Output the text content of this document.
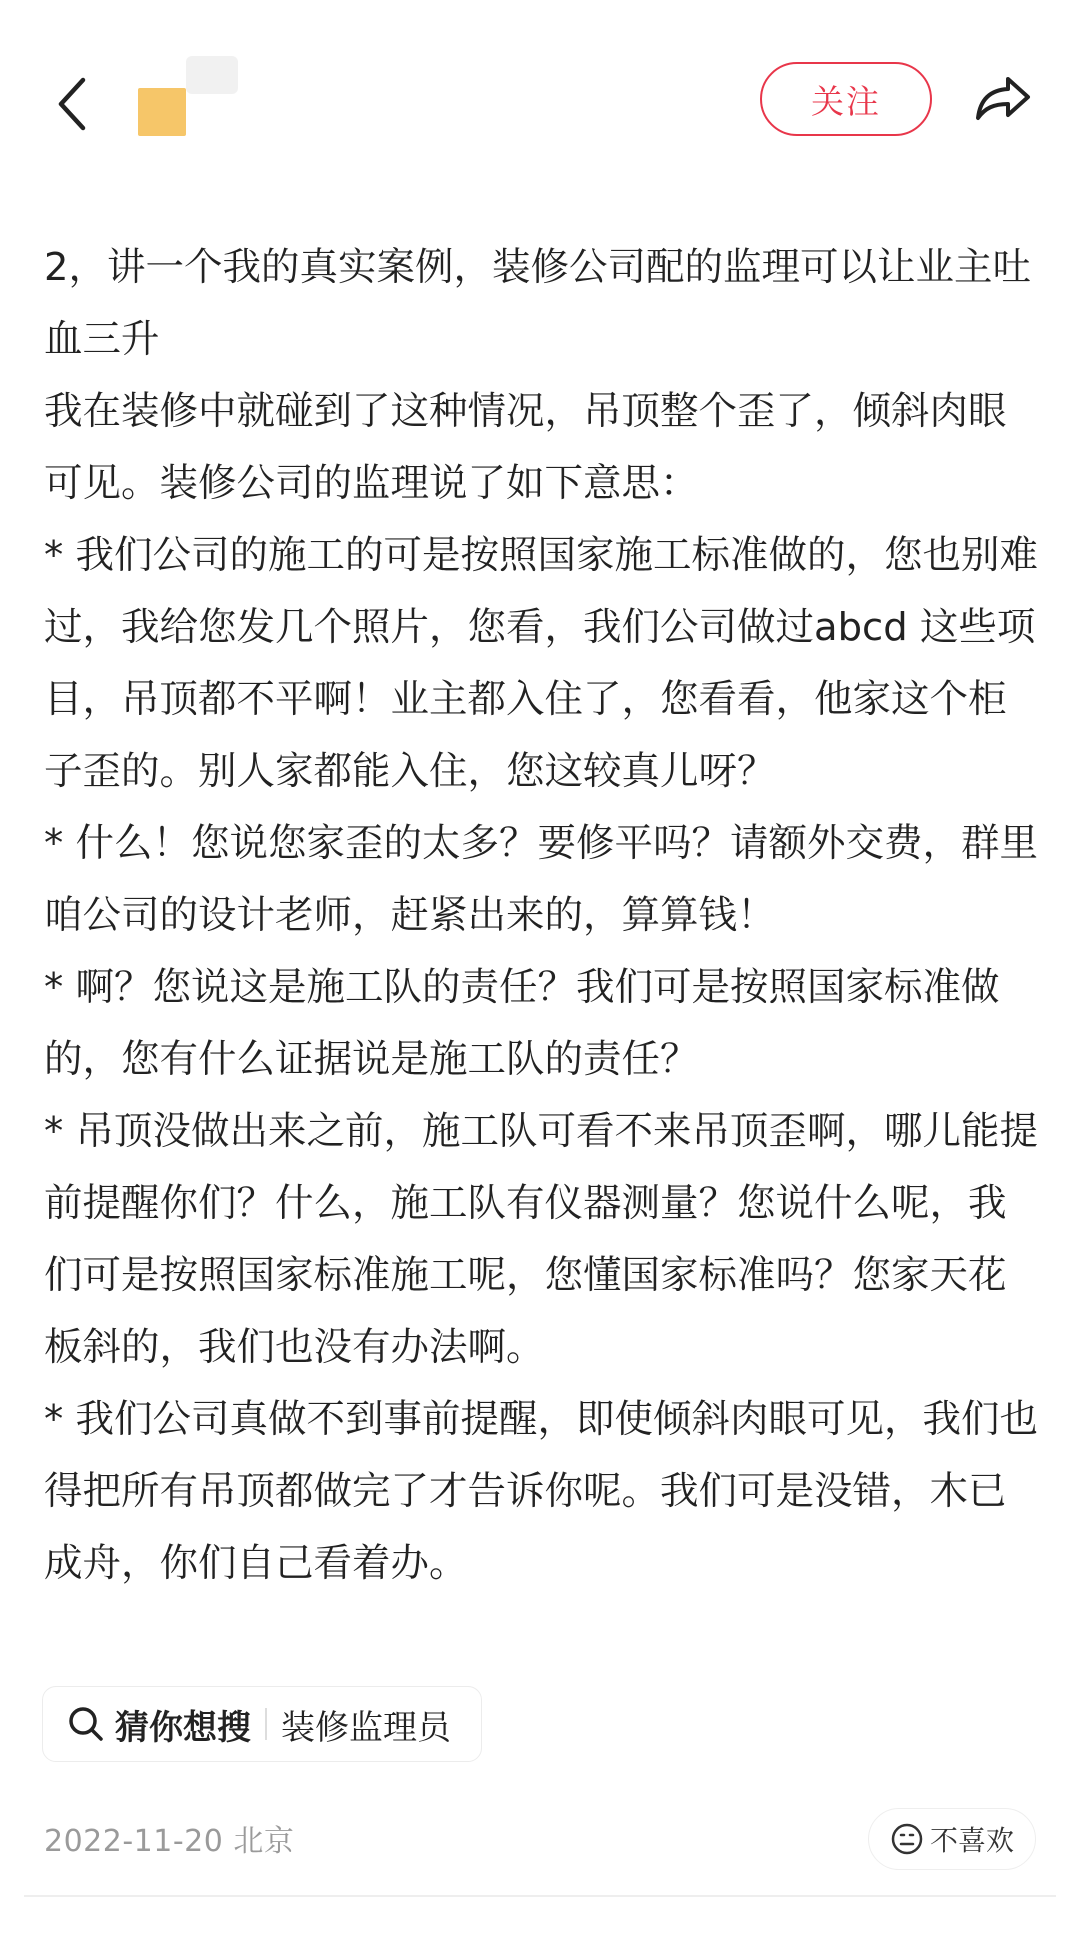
关注

2，讲一个我的真实案例，装修公司配的监理可以让业主吐血三升

我在装修中就碰到了这种情况，吊顶整个歪了，倾斜肉眼可见。装修公司的监理说了如下意思：

* 我们公司的施工的可是按照国家施工标准做的，您也别难过，我给您发几个照片，您看，我们公司做过abcd 这些项目，吊顶都不平啊！业主都入住了，您看看，他家这个柜子歪的。别人家都能入住，您这较真儿呀？

* 什么！您说您家歪的太多？要修平吗？请额外交费，群里咱公司的设计老师，赶紧出来的，算算钱！

* 啊？您说这是施工队的责任？我们可是按照国家标准做的，您有什么证据说是施工队的责任？

* 吊顶没做出来之前，施工队可看不来吊顶歪啊，哪儿能提前提醒你们？什么，施工队有仪器测量？您说什么呢，我们可是按照国家标准施工呢，您懂国家标准吗？您家天花板斜的，我们也没有办法啊。

* 我们公司真做不到事前提醒，即使倾斜肉眼可见，我们也得把所有吊顶都做完了才告诉你呢。我们可是没错，木已成舟，你们自己看着办。

猜你想搜 装修监理员
2022-11-20 北京	不喜欢
